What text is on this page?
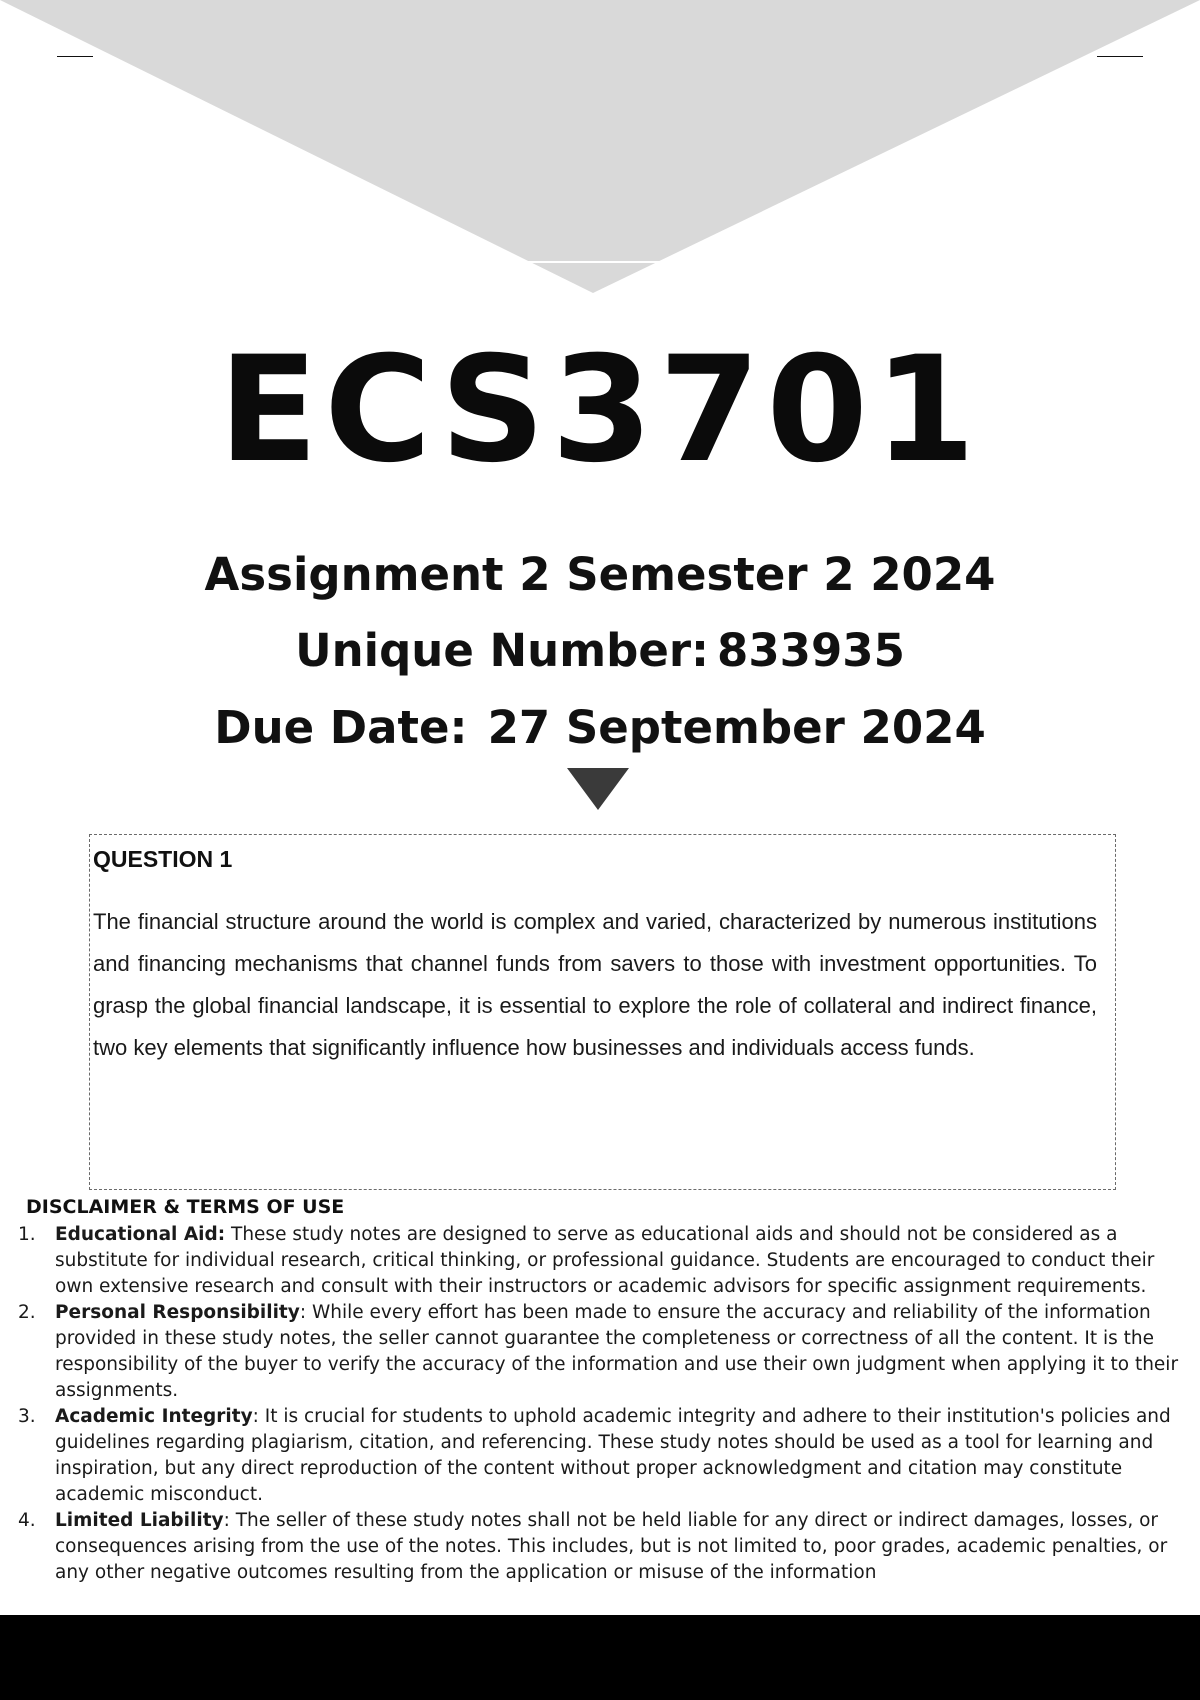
ECS3701
Assignment 2 Semester 2 2024
Unique Number: 833935
Due Date: 27 September 2024
QUESTION 1

The financial structure around the world is complex and varied, characterized by numerous institutions and financing mechanisms that channel funds from savers to those with investment opportunities. To grasp the global financial landscape, it is essential to explore the role of collateral and indirect finance, two key elements that significantly influence how businesses and individuals access funds.

DISCLAIMER & TERMS OF USE
1.	Educational Aid: These study notes are designed to serve as educational aids and should not be considered as a substitute for individual research, critical thinking, or professional guidance. Students are encouraged to conduct their own extensive research and consult with their instructors or academic advisors for specific assignment requirements.
2.	Personal Responsibility: While every effort has been made to ensure the accuracy and reliability of the information provided in these study notes, the seller cannot guarantee the completeness or correctness of all the content. It is the responsibility of the buyer to verify the accuracy of the information and use their own judgment when applying it to their assignments.
3.	Academic Integrity: It is crucial for students to uphold academic integrity and adhere to their institution's policies and guidelines regarding plagiarism, citation, and referencing. These study notes should be used as a tool for learning and inspiration, but any direct reproduction of the content without proper acknowledgment and citation may constitute academic misconduct.
4.	Limited Liability: The seller of these study notes shall not be held liable for any direct or indirect damages, losses, or consequences arising from the use of the notes. This includes, but is not limited to, poor grades, academic penalties, or any other negative outcomes resulting from the application or misuse of the information
